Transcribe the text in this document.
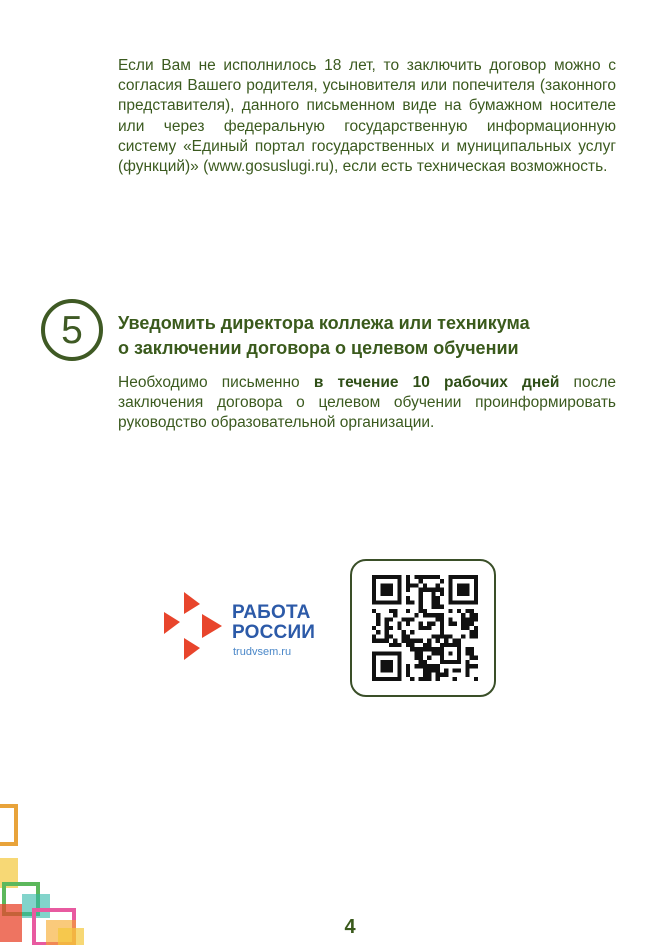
Если Вам не исполнилось 18 лет, то заключить договор можно с согласия Вашего родителя, усыновителя или попечителя (законного представителя), данного письменном виде на бумажном носителе или через федеральную государственную информационную систему «Единый портал государственных и муниципальных услуг (функций)» (www.gosuslugi.ru), если есть техническая возможность.
5	Уведомить директора коллежа или техникума
о заключении договора о целевом обучении
Необходимо письменно в течение 10 рабочих дней после заключения договора о целевом обучении проинформировать руководство образовательной организации.
РАБОТА
РОССИИ
trudvsem.ru
4
